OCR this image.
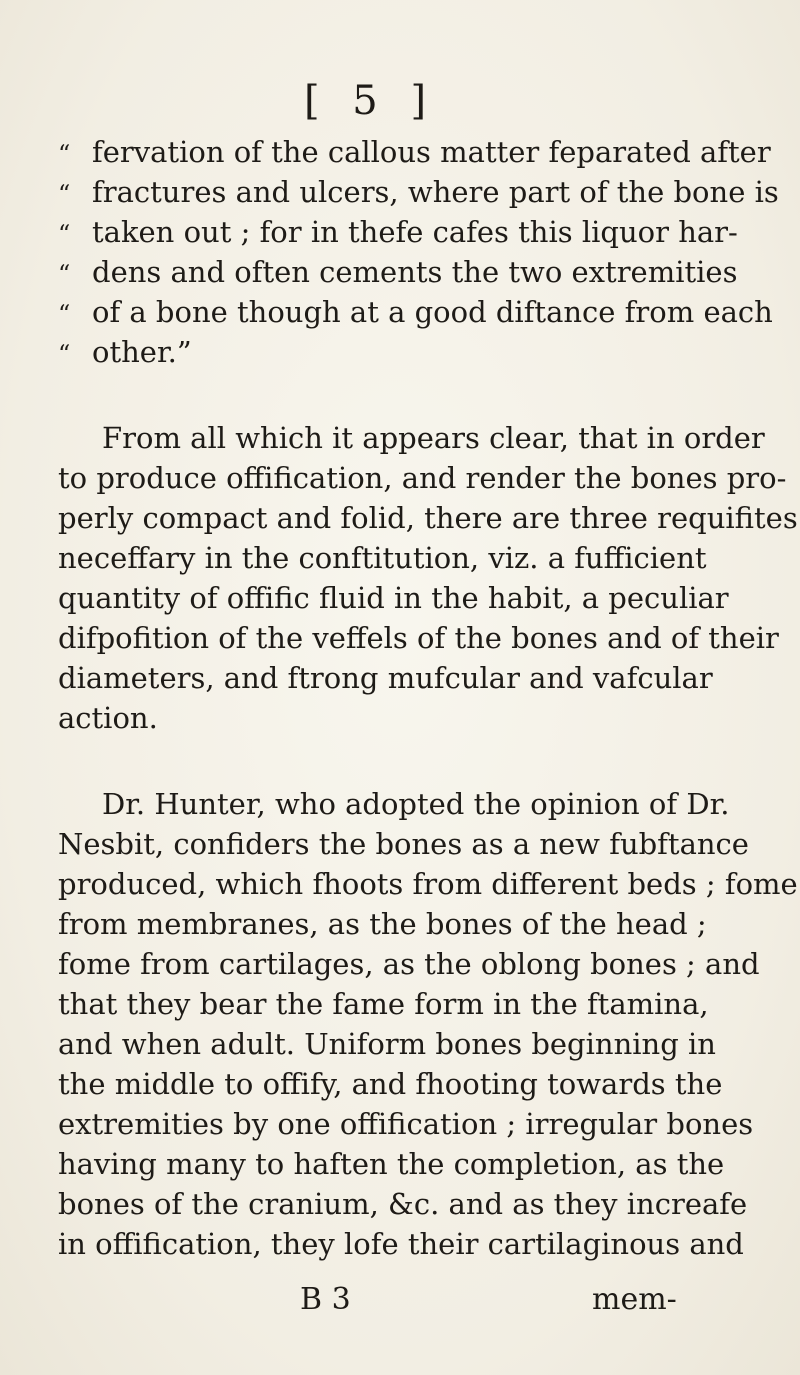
[ 5 ]
“ fervation of the callous matter feparated after
“ fractures and ulcers, where part of the bone is
“ taken out ; for in thefe cafes this liquor har-
“ dens and often cements the two extremities
“ of a bone though at a good diftance from each
“ other.”
From all which it appears clear, that in order
to produce offification, and render the bones pro-
perly compact and folid, there are three requifites
neceffary in the conftitution, viz. a fufficient
quantity of offific fluid in the habit, a peculiar
difpofition of the veffels of the bones and of their
diameters, and ftrong mufcular and vafcular
action.
Dr. Hunter, who adopted the opinion of Dr.
Nesbit, confiders the bones as a new fubftance
produced, which fhoots from different beds ; fome
from membranes, as the bones of the head ;
fome from cartilages, as the oblong bones ; and
that they bear the fame form in the ftamina,
and when adult. Uniform bones beginning in
the middle to offify, and fhooting towards the
extremities by one offification ; irregular bones
having many to haften the completion, as the
bones of the cranium, &c. and as they increafe
in offification, they lofe their cartilaginous and
B 3	mem-
